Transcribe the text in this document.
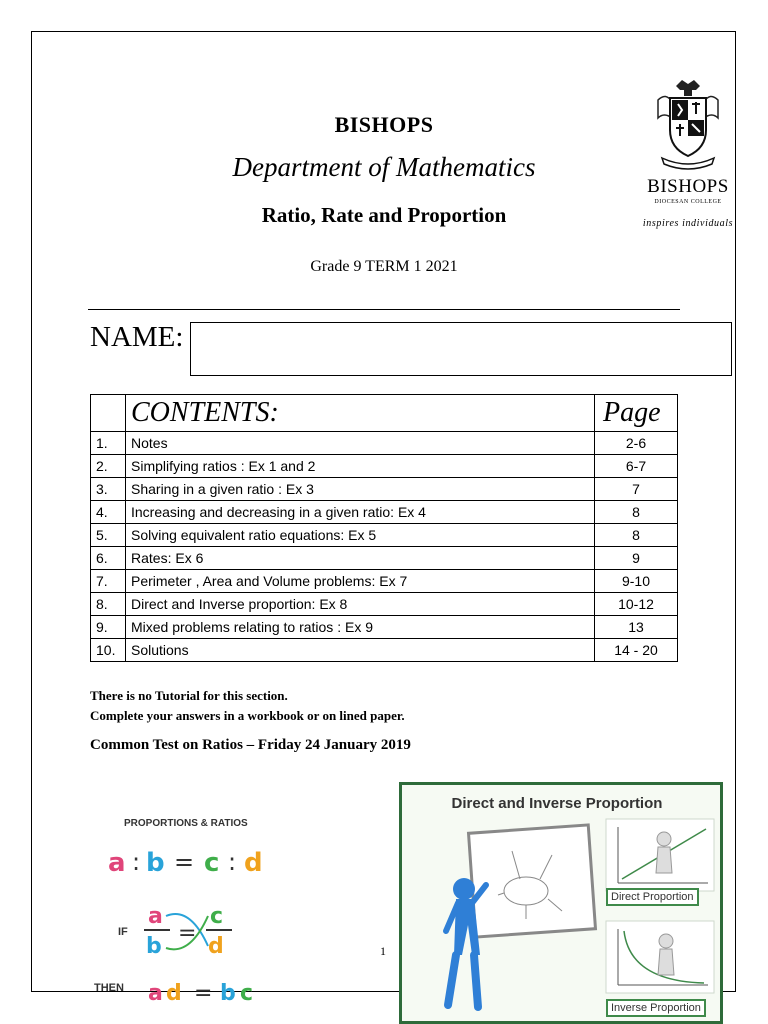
BISHOPS
Department of Mathematics
Ratio, Rate and Proportion
Grade 9 TERM 1 2021
BISHOPS
DIOCESAN COLLEGE
inspires individuals
NAME:
	CONTENTS:	Page
1.	Notes	2-6
2.	Simplifying ratios : Ex 1 and 2	6-7
3.	Sharing in a given ratio : Ex 3	7
4.	Increasing and decreasing in a given ratio: Ex 4	8
5.	Solving equivalent ratio equations: Ex 5	8
6.	Rates: Ex 6	9
7.	Perimeter , Area and Volume problems: Ex 7	9-10
8.	Direct and Inverse proportion: Ex 8	10-12
9.	Mixed problems relating to ratios : Ex 9	13
10.	Solutions	14 - 20
There is no Tutorial for this section.
Complete your answers in a workbook or on lined paper.
Common Test on Ratios – Friday 24 January 2019
PROPORTIONS & RATIOS
a : b = c : d
a
b
=
c
d
a d = b c
IF
THEN
Direct and Inverse Proportion
Direct Proportion
Inverse Proportion
1
